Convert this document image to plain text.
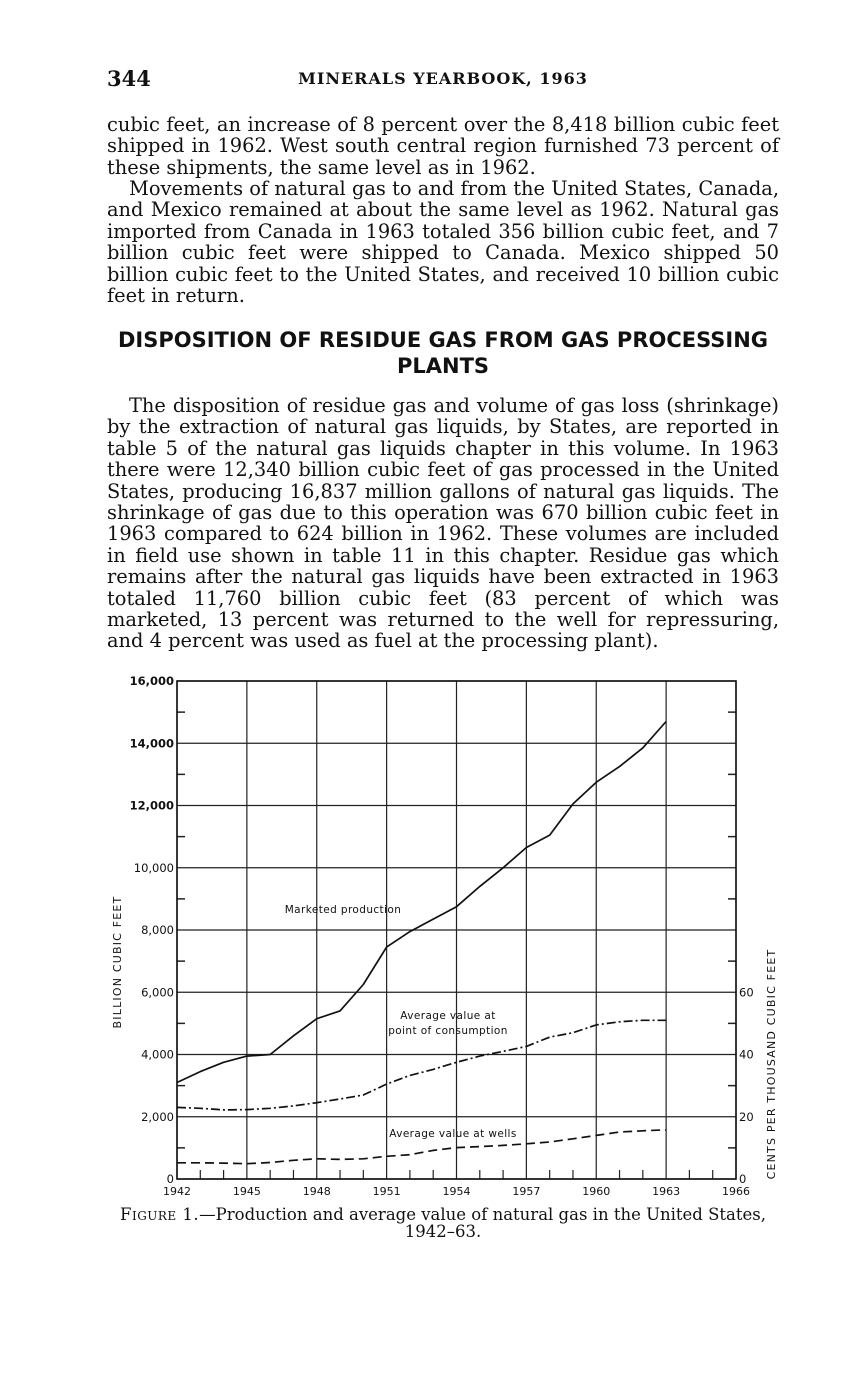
344	MINERALS YEARBOOK, 1963

cubic feet, an increase of 8 percent over the 8,418 billion cubic feet shipped in 1962. West south central region furnished 73 percent of these shipments, the same level as in 1962.

Movements of natural gas to and from the United States, Canada, and Mexico remained at about the same level as 1962. Natural gas imported from Canada in 1963 totaled 356 billion cubic feet, and 7 billion cubic feet were shipped to Canada. Mexico shipped 50 billion cubic feet to the United States, and received 10 billion cubic feet in return.

DISPOSITION OF RESIDUE GAS FROM GAS PROCESSING PLANTS

The disposition of residue gas and volume of gas loss (shrinkage) by the extraction of natural gas liquids, by States, are reported in table 5 of the natural gas liquids chapter in this volume. In 1963 there were 12,340 billion cubic feet of gas processed in the United States, producing 16,837 million gallons of natural gas liquids. The shrinkage of gas due to this operation was 670 billion cubic feet in 1963 compared to 624 billion in 1962. These volumes are included in field use shown in table 11 in this chapter. Residue gas which remains after the natural gas liquids have been extracted in 1963 totaled 11,760 billion cubic feet (83 percent of which was marketed, 13 percent was returned to the well for repressuring, and 4 percent was used as fuel at the processing plant).

1942	1945	1948	1951	1954	1957	1960	1963	1966
0
2,000
4,000
6,000
8,000
10,000
12,000
14,000
16,000
0
20
40
60
BILLION CUBIC FEET	CENTS PER THOUSAND CUBIC FEET
Marketed production
Average value at
point of consumption
Average value at wells

Figure 1.—Production and average value of natural gas in the United States, 1942–63.
